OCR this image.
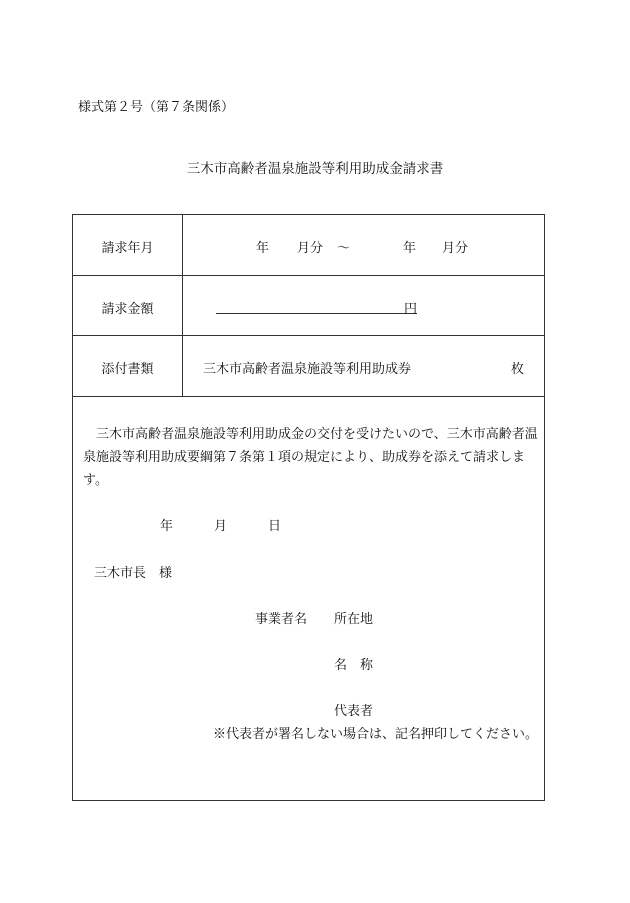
様式第２号（第７条関係）
三木市高齢者温泉施設等利用助成金請求書
請求年月	年 月分 ～	年 月分
請求金額	円
添付書類	三木市高齢者温泉施設等利用助成券	枚
　三木市高齢者温泉施設等利用助成金の交付を受けたいので、三木市高齢者温泉施設等利用助成要綱第７条第１項の規定により、助成券を添えて請求します。
年	月	日
三木市長　様
事業者名 所在地
名　称
代表者
※代表者が署名しない場合は、記名押印してください。
